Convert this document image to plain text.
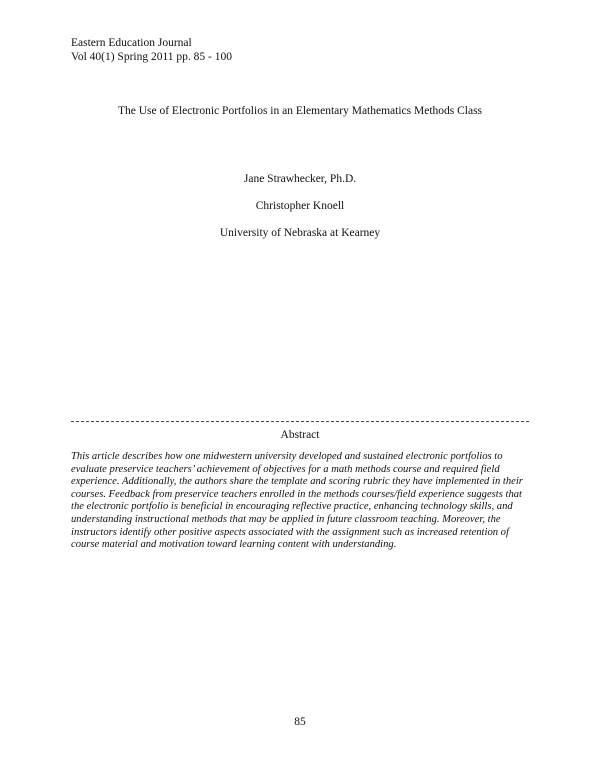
Eastern Education Journal
Vol 40(1) Spring 2011 pp. 85 - 100
The Use of Electronic Portfolios in an Elementary Mathematics Methods Class
Jane Strawhecker, Ph.D.
Christopher Knoell
University of Nebraska at Kearney
Abstract
This article describes how one midwestern university developed and sustained electronic portfolios to evaluate preservice teachers’ achievement of objectives for a math methods course and required field experience. Additionally, the authors share the template and scoring rubric they have implemented in their courses. Feedback from preservice teachers enrolled in the methods courses/field experience suggests that the electronic portfolio is beneficial in encouraging reflective practice, enhancing technology skills, and understanding instructional methods that may be applied in future classroom teaching. Moreover, the instructors identify other positive aspects associated with the assignment such as increased retention of course material and motivation toward learning content with understanding.
85
